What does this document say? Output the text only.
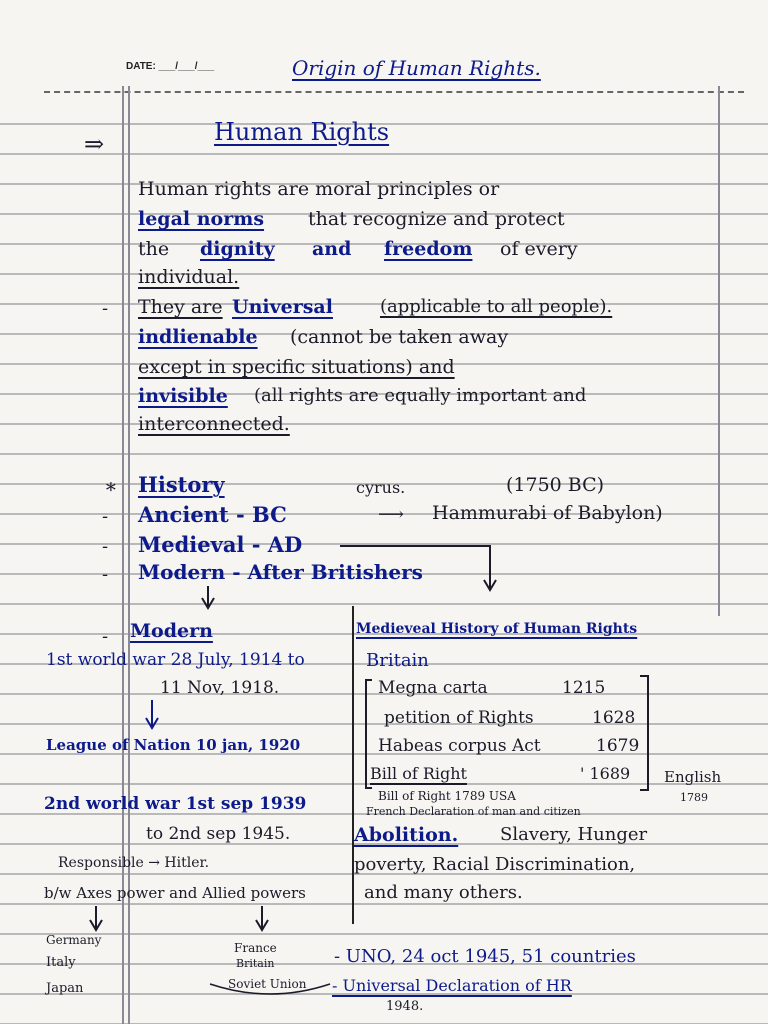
DATE: ___/___/___	Origin of Human Rights.
⇒	Human Rights
Human rights are moral principles or
legal norms that recognize and protect
the dignity and freedom of every
individual.
- They are Universal	(applicable to all people).
indlienable (cannot be taken away
except in specific situations) and
invisible (all rights are equally important and
interconnected.
∗ History	cyrus.	(1750 BC)
- Ancient - BC	⟶ Hammurabi of Babylon)
- Medieval - AD
- Modern - After Britishers
- Modern
1st world war 28 July, 1914 to
11 Nov, 1918.
League of Nation 10 jan, 1920
2nd world war 1st sep 1939
to 2nd sep 1945.
Responsible → Hitler.
b/w Axes power and Allied powers
Germany
Italy
Japan
France
Britain
Soviet Union
Medieveal History of Human Rights
Britain
Megna carta	1215
petition of Rights	1628
Habeas corpus Act	1679
Bill of Right	' 1689 English
Bill of Right 1789 USA	1789
French Declaration of man and citizen
Abolition. Slavery, Hunger
poverty, Racial Discrimination,
and many others.
- UNO, 24 oct 1945, 51 countries
- Universal Declaration of HR
1948.
